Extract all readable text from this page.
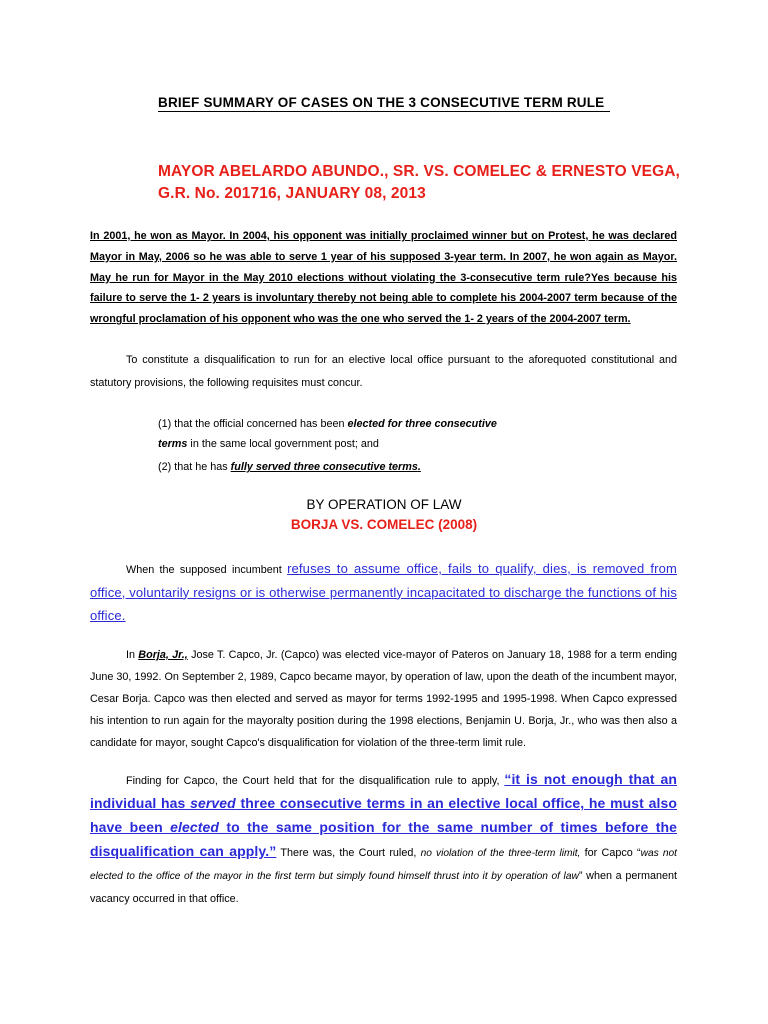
BRIEF SUMMARY OF CASES ON THE 3 CONSECUTIVE TERM RULE
MAYOR ABELARDO ABUNDO., SR. VS. COMELEC & ERNESTO VEGA,
G.R. No. 201716, JANUARY 08, 2013
In 2001, he won as Mayor. In 2004, his opponent was initially proclaimed winner but on Protest, he was declared Mayor in May, 2006 so he was able to serve 1 year of his supposed 3-year term. In 2007, he won again as Mayor. May he run for Mayor in the May 2010 elections without violating the 3-consecutive term rule?Yes because his failure to serve the 1- 2 years is involuntary thereby not being able to complete his 2004-2007 term because of the wrongful proclamation of his opponent who was the one who served the 1- 2 years of the 2004-2007 term.
To constitute a disqualification to run for an elective local office pursuant to the aforequoted constitutional and statutory provisions, the following requisites must concur.
(1) that the official concerned has been elected for three consecutive
terms in the same local government post; and
(2) that he has fully served three consecutive terms.
BY OPERATION OF LAW
BORJA VS. COMELEC (2008)
When the supposed incumbent refuses to assume office, fails to qualify, dies, is removed from office, voluntarily resigns or is otherwise permanently incapacitated to discharge the functions of his office.
In Borja, Jr., Jose T. Capco, Jr. (Capco) was elected vice-mayor of Pateros on January 18, 1988 for a term ending June 30, 1992. On September 2, 1989, Capco became mayor, by operation of law, upon the death of the incumbent mayor, Cesar Borja. Capco was then elected and served as mayor for terms 1992-1995 and 1995-1998. When Capco expressed his intention to run again for the mayoralty position during the 1998 elections, Benjamin U. Borja, Jr., who was then also a candidate for mayor, sought Capco's disqualification for violation of the three-term limit rule.
Finding for Capco, the Court held that for the disqualification rule to apply, “it is not enough that an individual has served three consecutive terms in an elective local office, he must also have been elected to the same position for the same number of times before the disqualification can apply.” There was, the Court ruled, no violation of the three-term limit, for Capco “was not elected to the office of the mayor in the first term but simply found himself thrust into it by operation of law” when a permanent vacancy occurred in that office.
